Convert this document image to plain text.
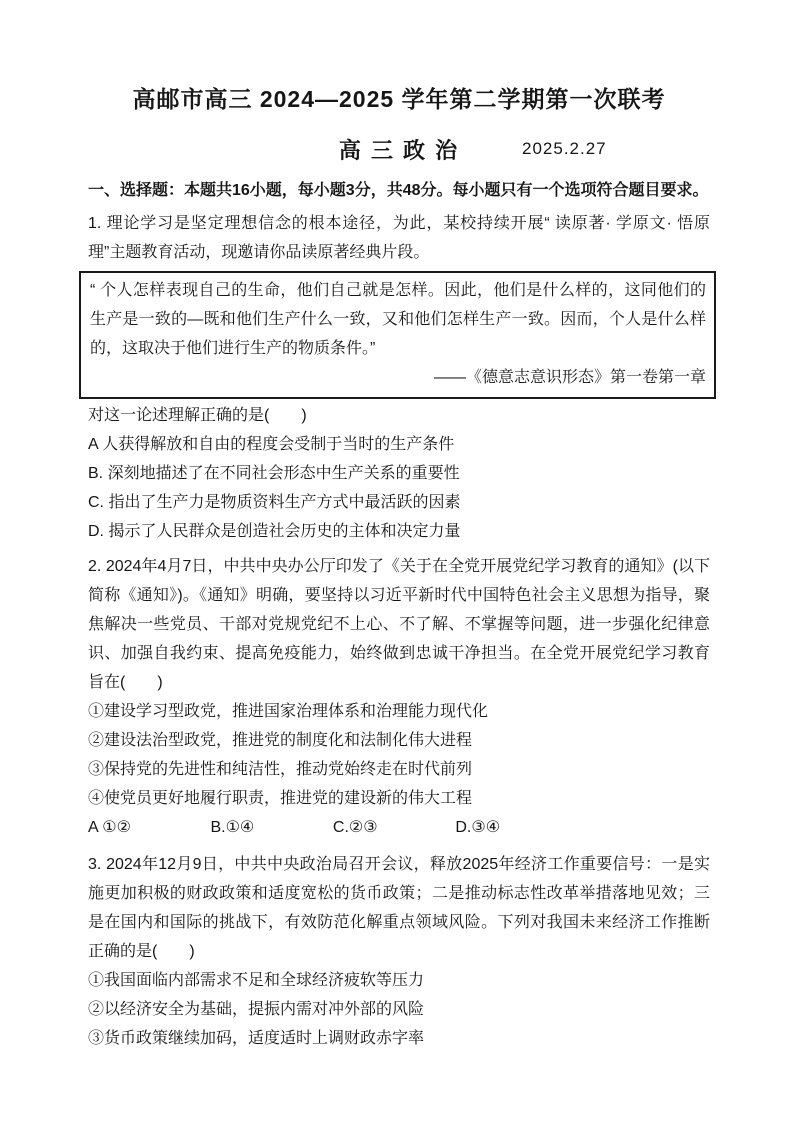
高邮市高三 2024—2025 学年第二学期第一次联考
高 三 政 治	2025.2.27

一、选择题：本题共16小题，每小题3分，共48分。每小题只有一个选项符合题目要求。

1. 理论学习是坚定理想信念的根本途径，为此，某校持续开展“ 读原著· 学原文· 悟原理”主题教育活动，现邀请你品读原著经典片段。

“ 个人怎样表现自己的生命，他们自己就是怎样。因此，他们是什么样的，这同他们的生产是一致的—既和他们生产什么一致，又和他们怎样生产一致。因而，个人是什么样的，这取决于他们进行生产的物质条件。”

——《德意志意识形态》第一卷第一章

对这一论述理解正确的是(　　)

A 人获得解放和自由的程度会受制于当时的生产条件

B. 深刻地描述了在不同社会形态中生产关系的重要性

C. 指出了生产力是物质资料生产方式中最活跃的因素

D. 揭示了人民群众是创造社会历史的主体和决定力量

2. 2024年4月7日，中共中央办公厅印发了《关于在全党开展党纪学习教育的通知》(以下简称《通知》)。《通知》明确，要坚持以习近平新时代中国特色社会主义思想为指导，聚焦解决一些党员、干部对党规党纪不上心、不了解、不掌握等问题，进一步强化纪律意识、加强自我约束、提高免疫能力，始终做到忠诚干净担当。在全党开展党纪学习教育旨在(　　)

①建设学习型政党，推进国家治理体系和治理能力现代化

②建设法治型政党，推进党的制度化和法制化伟大进程

③保持党的先进性和纯洁性，推动党始终走在时代前列

④使党员更好地履行职责，推进党的建设新的伟大工程

A ①②	B.①④	C.②③	D.③④

3. 2024年12月9日，中共中央政治局召开会议，释放2025年经济工作重要信号：一是实施更加积极的财政政策和适度宽松的货币政策；二是推动标志性改革举措落地见效；三是在国内和国际的挑战下，有效防范化解重点领域风险。下列对我国未来经济工作推断正确的是(　　)

①我国面临内部需求不足和全球经济疲软等压力

②以经济安全为基础，提振内需对冲外部的风险

③货币政策继续加码，适度适时上调财政赤字率
